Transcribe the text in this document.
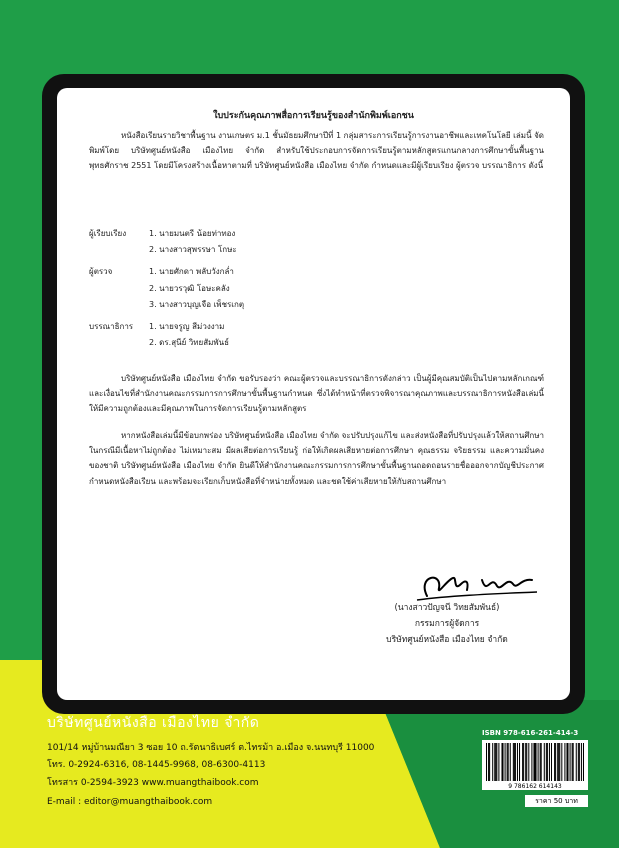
ใบประกันคุณภาพสื่อการเรียนรู้ของสำนักพิมพ์เอกชน
หนังสือเรียนรายวิชาพื้นฐาน งานเกษตร ม.1 ชั้นมัธยมศึกษาปีที่ 1 กลุ่มสาระการเรียนรู้การงานอาชีพและเทคโนโลยี เล่มนี้ จัดพิมพ์โดย บริษัทศูนย์หนังสือ เมืองไทย จำกัด สำหรับใช้ประกอบการจัดการเรียนรู้ตามหลักสูตรแกนกลางการศึกษาขั้นพื้นฐาน พุทธศักราช 2551 โดยมีโครงสร้างเนื้อหาตามที่ บริษัทศูนย์หนังสือ เมืองไทย จำกัด กำหนดและมีผู้เรียบเรียง ผู้ตรวจ บรรณาธิการ ดังนี้
ผู้เรียบเรียง	1. นายมนตรี น้อยท่าทอง
2. นางสาวสุพรรษา โกษะ
ผู้ตรวจ	1. นายศักดา พลับวังกล่ำ
2. นายวรวุฒิ โอษะคลัง
3. นางสาวบุญเจือ เพ็ชรเกตุ
บรรณาธิการ	1. นายจรูญ สีม่วงงาม
2. ดร.สุนีย์ วิทยสัมพันธ์
บริษัทศูนย์หนังสือ เมืองไทย จำกัด ขอรับรองว่า คณะผู้ตรวจและบรรณาธิการดังกล่าว เป็นผู้มีคุณสมบัติเป็นไปตามหลักเกณฑ์และเงื่อนไขที่สำนักงานคณะกรรมการการศึกษาขั้นพื้นฐานกำหนด ซึ่งได้ทำหน้าที่ตรวจพิจารณาคุณภาพและบรรณาธิการหนังสือเล่มนี้ให้มีความถูกต้องและมีคุณภาพในการจัดการเรียนรู้ตามหลักสูตร
หากหนังสือเล่มนี้มีข้อบกพร่อง บริษัทศูนย์หนังสือ เมืองไทย จำกัด จะปรับปรุงแก้ไข และส่งหนังสือที่ปรับปรุงแล้วให้สถานศึกษา ในกรณีมีเนื้อหาไม่ถูกต้อง ไม่เหมาะสม มีผลเสียต่อการเรียนรู้ ก่อให้เกิดผลเสียหายต่อการศึกษา คุณธรรม จริยธรรม และความมั่นคงของชาติ บริษัทศูนย์หนังสือ เมืองไทย จำกัด ยินดีให้สำนักงานคณะกรรมการการศึกษาขั้นพื้นฐานถอดถอนรายชื่อออกจากบัญชีประกาศกำหนดหนังสือเรียน และพร้อมจะเรียกเก็บหนังสือที่จำหน่ายทั้งหมด และชดใช้ค่าเสียหายให้กับสถานศึกษา
(นางสาวปัญจนี วิทยสัมพันธ์)
กรรมการผู้จัดการ
บริษัทศูนย์หนังสือ เมืองไทย จำกัด
บริษัทศูนย์หนังสือ เมืองไทย จำกัด
101/14 หมู่บ้านมณียา 3 ซอย 10 ถ.รัตนาธิเบศร์ ต.ไทรม้า อ.เมือง จ.นนทบุรี 11000
โทร. 0-2924-6316, 08-1445-9968, 08-6300-4113
โทรสาร 0-2594-3923 www.muangthaibook.com
E-mail : editor@muangthaibook.com
ISBN 978-616-261-414-3
9 786162 614143
ราคา 50 บาท
